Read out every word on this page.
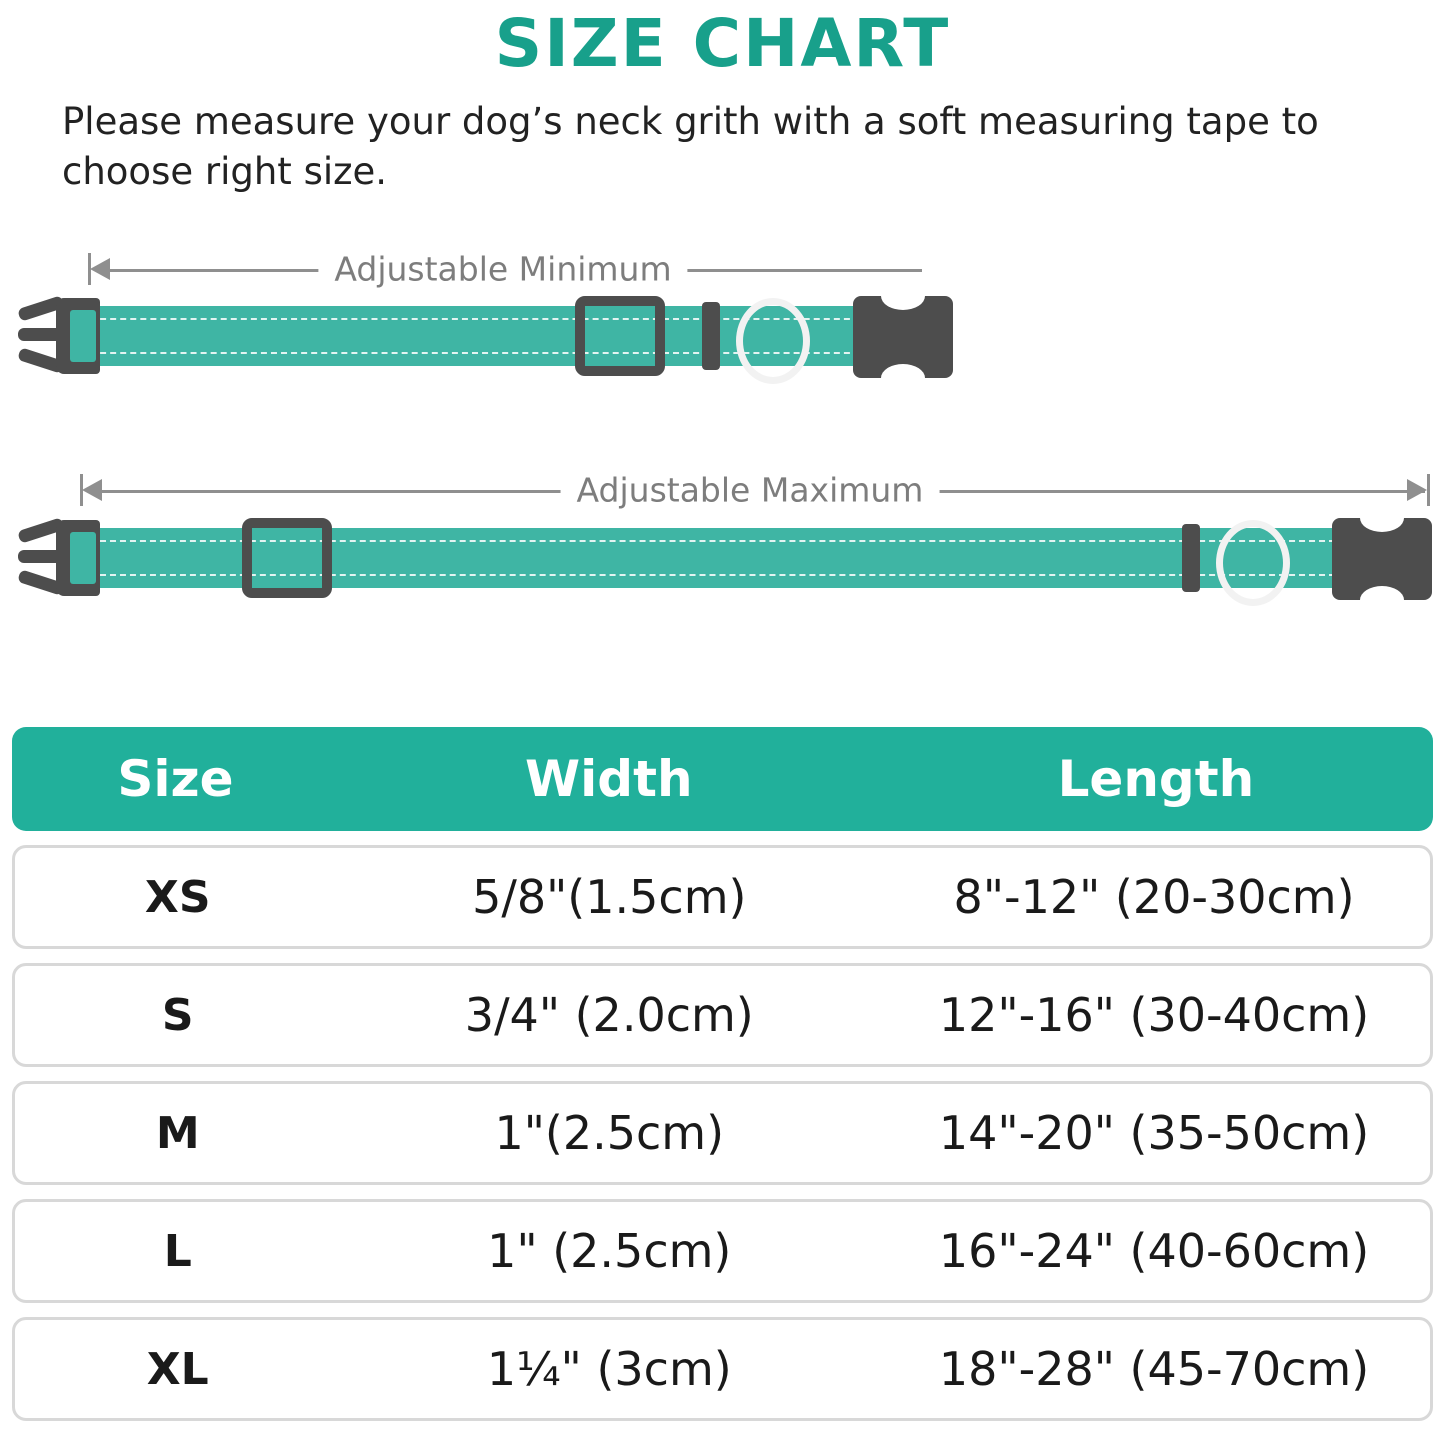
SIZE CHART
Please measure your dog’s neck grith with a soft measuring tape to choose right size.
Adjustable Minimum
Adjustable Maximum
Size	Width	Length
XS	5/8"(1.5cm)	8"-12" (20-30cm)
S	3/4" (2.0cm)	12"-16" (30-40cm)
M	1"(2.5cm)	14"-20" (35-50cm)
L	1" (2.5cm)	16"-24" (40-60cm)
XL	1¼" (3cm)	18"-28" (45-70cm)
